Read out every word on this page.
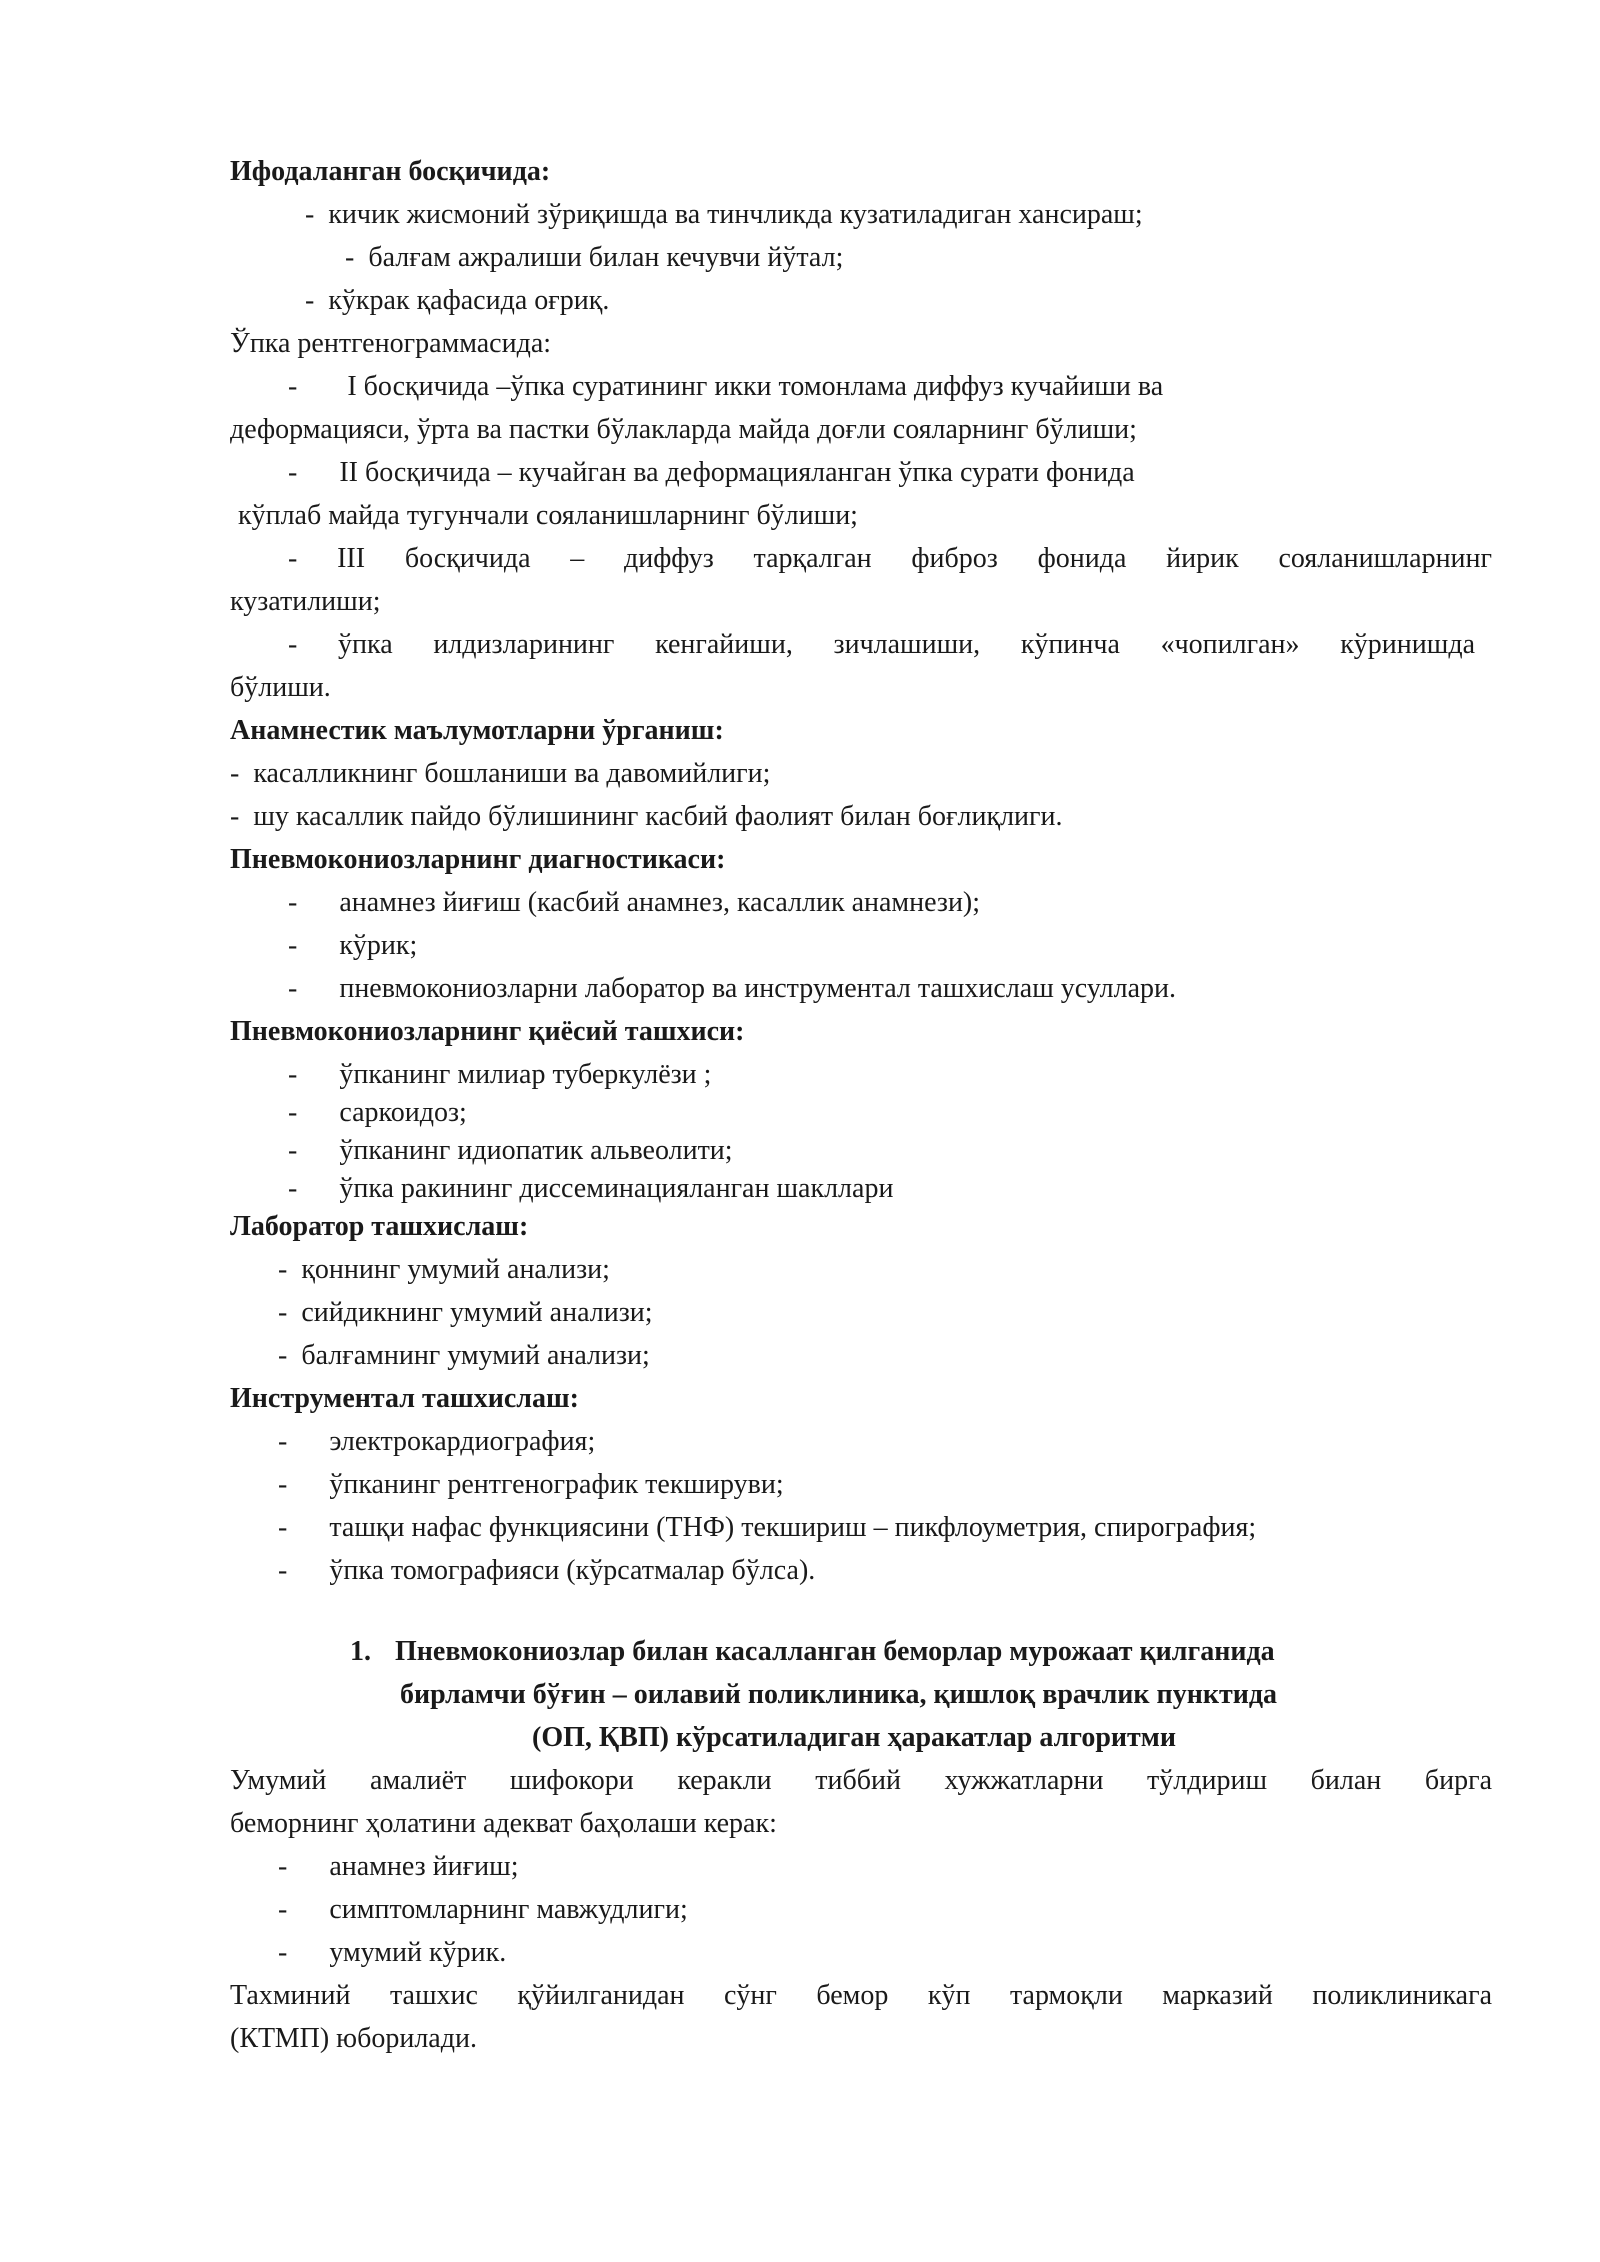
Ифодаланган босқичида:
- кичик жисмоний зўриқишда ва тинчликда кузатиладиган хансираш;
- балғам ажралиши билан кечувчи йўтал;
- кўкрак қафасида оғриқ.
Ўпка рентгенограммасида:
- I босқичида –ўпка суратининг икки томонлама диффуз кучайиши ва
деформацияси, ўрта ва пастки бўлакларда майда доғли сояларнинг бўлиши;
- II босқичида – кучайган ва деформацияланган ўпка сурати фонида
кўплаб майда тугунчали сояланишларнинг бўлиши;
- III босқичида – диффуз тарқалган фиброз фонида йирик сояланишларнинг
кузатилиши;
- ўпка илдизларининг кенгайиши, зичлашиши, кўпинча «чопилган» кўринишда
бўлиши.
Анамнестик маълумотларни ўрганиш:
- касалликнинг бошланиши ва давомийлиги;
- шу касаллик пайдо бўлишининг касбий фаолият билан боғлиқлиги.
Пневмокониозларнинг диагностикаси:
- анамнез йиғиш (касбий анамнез, касаллик анамнези);
- кўрик;
- пневмокониозларни лаборатор ва инструментал ташхислаш усуллари.
Пневмокониозларнинг қиёсий ташхиси:
- ўпканинг милиар туберкулёзи ;
- саркоидоз;
- ўпканинг идиопатик альвеолити;
- ўпка ракининг диссеминацияланган шакллари
Лаборатор ташхислаш:
- қоннинг умумий анализи;
- сийдикнинг умумий анализи;
- балғамнинг умумий анализи;
Инструментал ташхислаш:
- электрокардиография;
- ўпканинг рентгенографик текшируви;
- ташқи нафас функциясини (ТНФ) текшириш – пикфлоуметрия, спирография;
- ўпка томографияси (кўрсатмалар бўлса).
1. Пневмокониозлар билан касалланган беморлар мурожаат қилганида
бирламчи бўғин – оилавий поликлиника, қишлоқ врачлик пунктида
(ОП, ҚВП) кўрсатиладиган ҳаракатлар алгоритми
Умумий амалиёт шифокори керакли тиббий хужжатларни тўлдириш билан бирга
беморнинг ҳолатини адекват баҳолаши керак:
- анамнез йиғиш;
- симптомларнинг мавжудлиги;
- умумий кўрик.
Тахминий ташхис қўйилганидан сўнг бемор кўп тармоқли марказий поликлиникага
(КТМП) юборилади.
